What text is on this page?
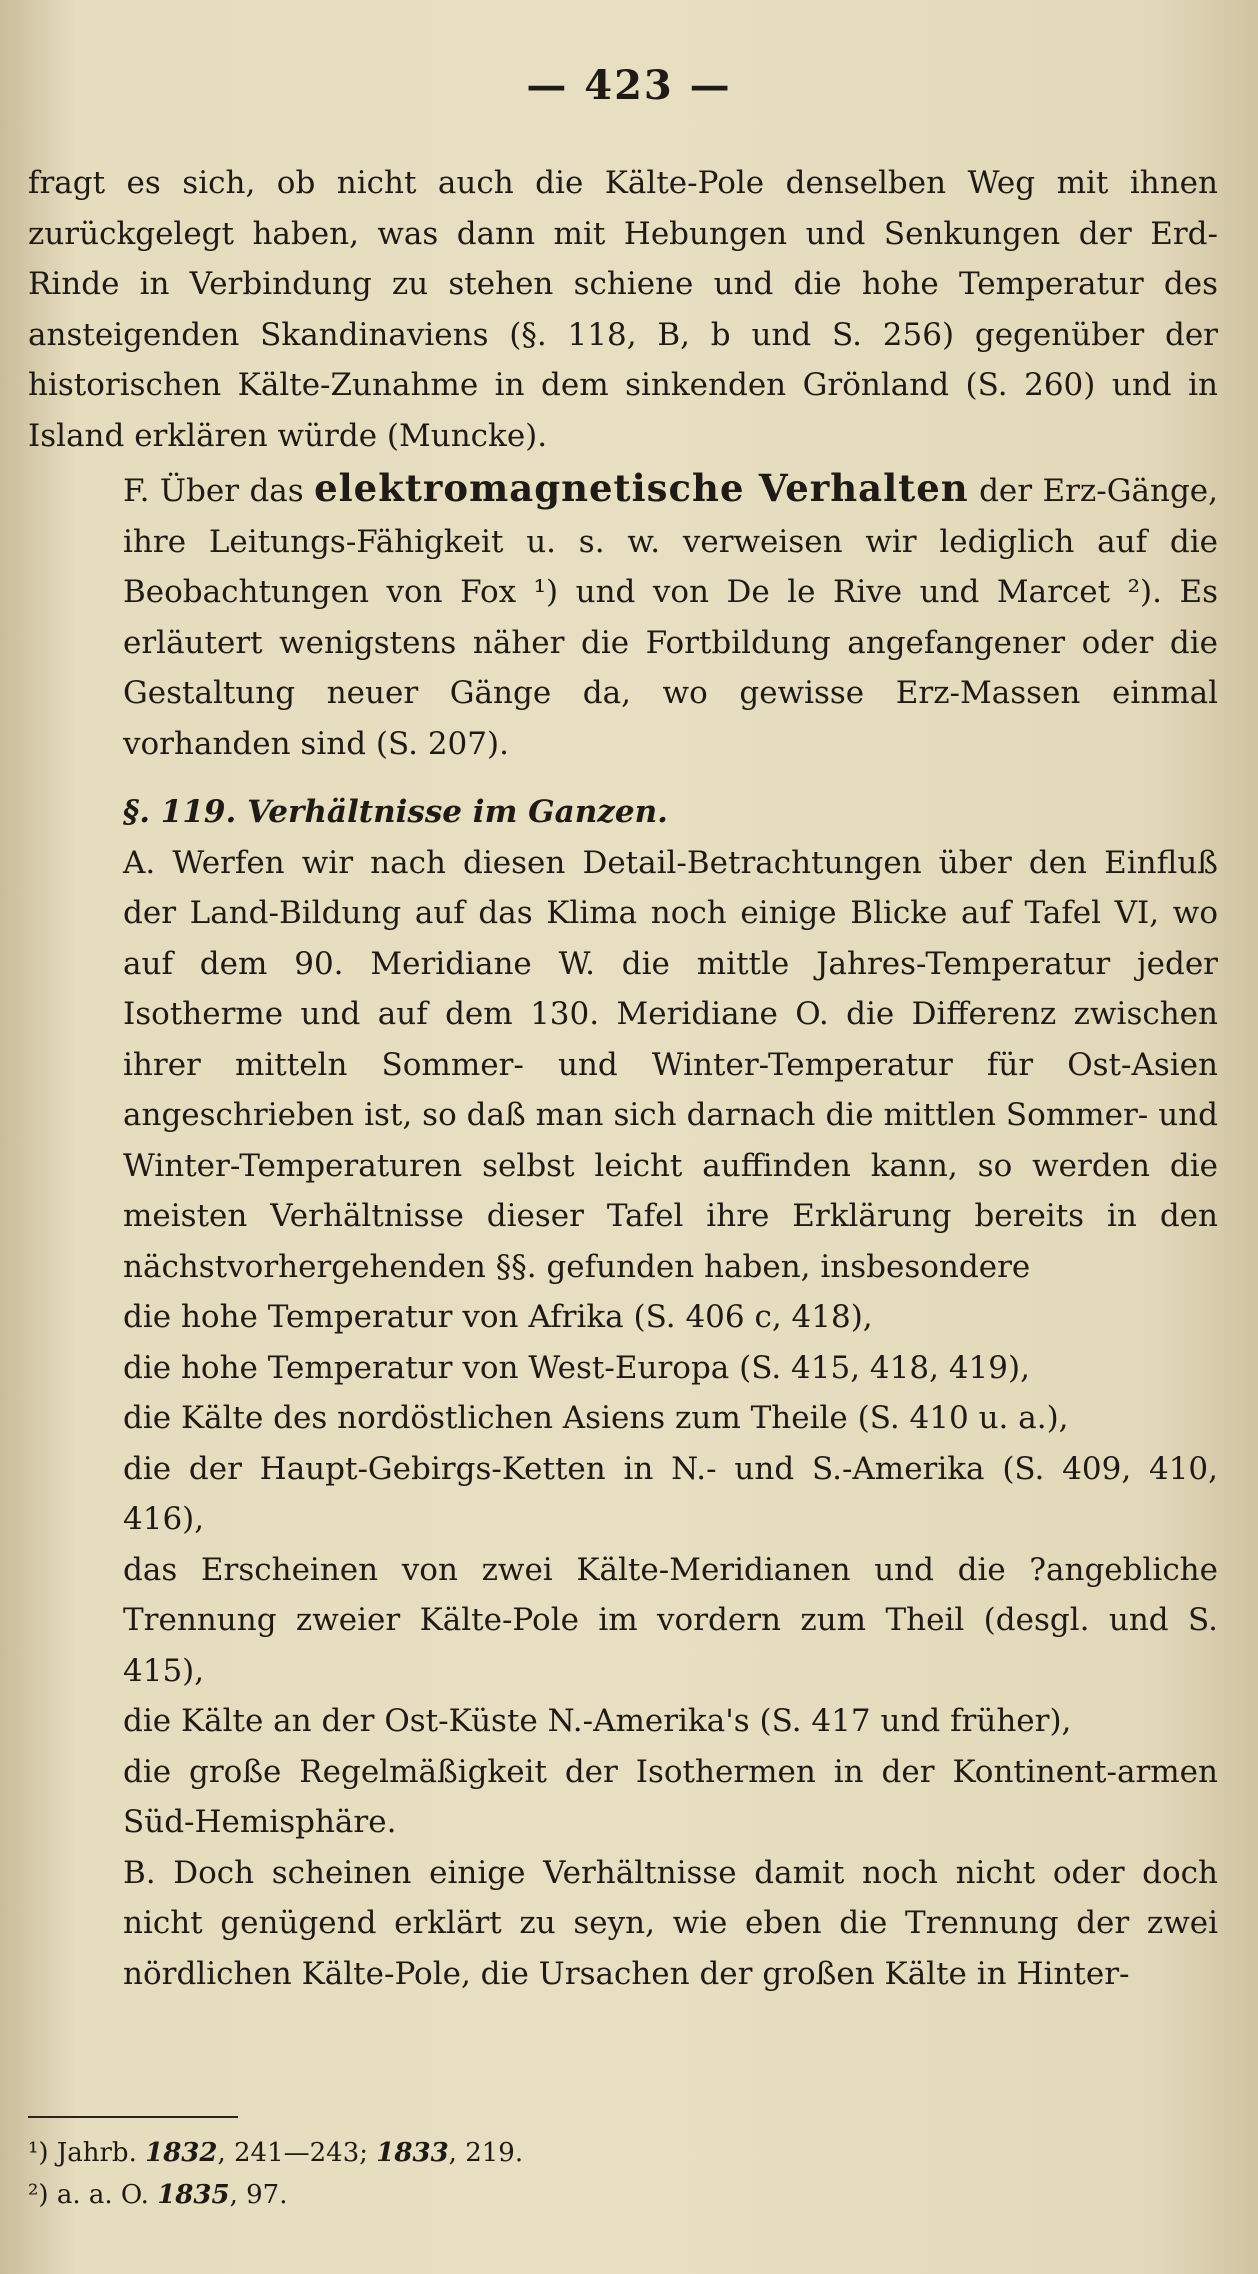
— 423 —

fragt es sich, ob nicht auch die Kälte-Pole denselben Weg mit ihnen zurückgelegt haben, was dann mit Hebungen und Senkungen der Erd-Rinde in Verbindung zu stehen schiene und die hohe Temperatur des ansteigenden Skandinaviens (§. 118, B, b und S. 256) gegenüber der historischen Kälte-Zunahme in dem sinkenden Grönland (S. 260) und in Island erklären würde (Muncke).

F. Über das elektromagnetische Verhalten der Erz-Gänge, ihre Leitungs-Fähigkeit u. s. w. verweisen wir lediglich auf die Beobachtungen von Fox ¹) und von De le Rive und Marcet ²). Es erläutert wenigstens näher die Fortbildung angefangener oder die Gestaltung neuer Gänge da, wo gewisse Erz-Massen einmal vorhanden sind (S. 207).

§. 119. Verhältnisse im Ganzen.

A. Werfen wir nach diesen Detail-Betrachtungen über den Einfluß der Land-Bildung auf das Klima noch einige Blicke auf Tafel VI, wo auf dem 90. Meridiane W. die mittle Jahres-Temperatur jeder Isotherme und auf dem 130. Meridiane O. die Differenz zwischen ihrer mitteln Sommer- und Winter-Temperatur für Ost-Asien angeschrieben ist, so daß man sich darnach die mittlen Sommer- und Winter-Temperaturen selbst leicht auffinden kann, so werden die meisten Verhältnisse dieser Tafel ihre Erklärung bereits in den nächstvorhergehenden §§. gefunden haben, insbesondere

die hohe Temperatur von Afrika (S. 406 c, 418),

die hohe Temperatur von West-Europa (S. 415, 418, 419),

die Kälte des nordöstlichen Asiens zum Theile (S. 410 u. a.),

die der Haupt-Gebirgs-Ketten in N.- und S.-Amerika (S. 409, 410, 416),

das Erscheinen von zwei Kälte-Meridianen und die ?angebliche Trennung zweier Kälte-Pole im vordern zum Theil (desgl. und S. 415),

die Kälte an der Ost-Küste N.-Amerika's (S. 417 und früher),

die große Regelmäßigkeit der Isothermen in der Kontinent-armen Süd-Hemisphäre.

B. Doch scheinen einige Verhältnisse damit noch nicht oder doch nicht genügend erklärt zu seyn, wie eben die Trennung der zwei nördlichen Kälte-Pole, die Ursachen der großen Kälte in Hinter-

¹) Jahrb. 1832, 241—243; 1833, 219.

²) a. a. O. 1835, 97.
